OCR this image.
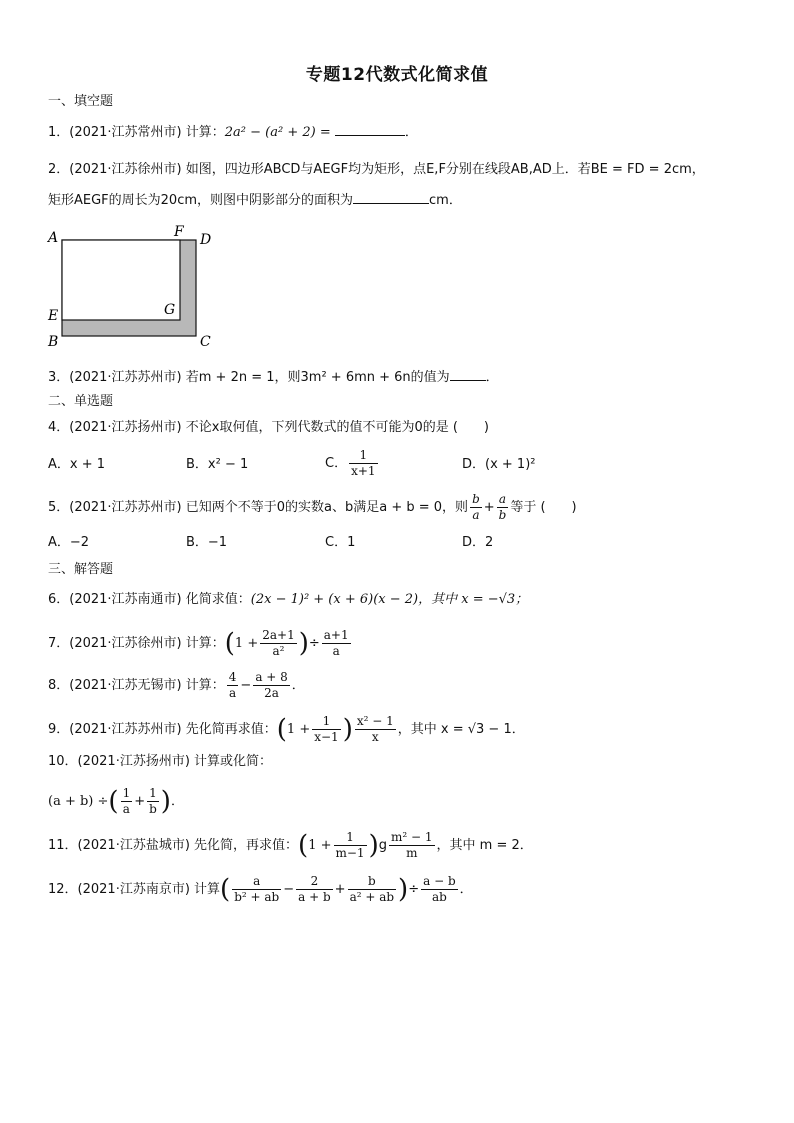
专题12代数式化简求值
一、填空题
1．(2021·江苏常州市) 计算：2a² − (a² + 2) =	．
2．(2021·江苏徐州市) 如图，四边形ABCD与AEGF均为矩形，点E,F分别在线段AB,AD上．若BE = FD = 2cm，
矩形AEGF的周长为20cm，则图中阴影部分的面积为	cm．
A	F D
E	G
B	C
3．(2021·江苏苏州市) 若m + 2n = 1，则3m² + 6mn + 6n的值为	．
二、单选题
4．(2021·江苏扬州市) 不论x取何值，下列代数式的值不可能为0的是 (　　)
A．x + 1	B．x² − 1	C． $\frac{1}{x+1}$	D．(x + 1)²
5．(2021·江苏苏州市) 已知两个不等于0的实数a、b满足a + b = 0，则 $\frac{b}{a} + \frac{a}{b}$ 等于 (　　)
A．−2	B．−1	C．1	D．2
三、解答题
6．(2021·江苏南通市) 化简求值：(2x − 1)² + (x + 6)(x − 2)，其中 x = −√3；
7．(2021·江苏徐州市) 计算：($1 + \frac{2a+1}{\text{a²}}$ )÷ $\frac{a+1}{a}$
8．(2021·江苏无锡市) 计算： $\frac{4}{a} - \frac{a + 8}{2a}$ ．
9．(2021·江苏苏州市) 先化简再求值：($1 + \frac{1}{x-1}$ ) $\frac{\text{x² − 1}}{x}$ ，其中 x = √3 − 1．
10．(2021·江苏扬州市) 计算或化简：
(a + b) ÷( $\frac{1}{a} + \frac{1}{b}$ )．
11．(2021·江苏盐城市) 先化简，再求值：$(1 + \frac{1}{m-1} )g \frac{\text{m² − 1}}{m}$ ，其中 m = 2．
12．(2021·江苏南京市) 计算( $\frac{a}{\text{b² + ab}} - \frac{2}{a + b} + \frac{b}{\text{a² + ab}}$ )÷ $\frac{a - b}{ab}$ ．
